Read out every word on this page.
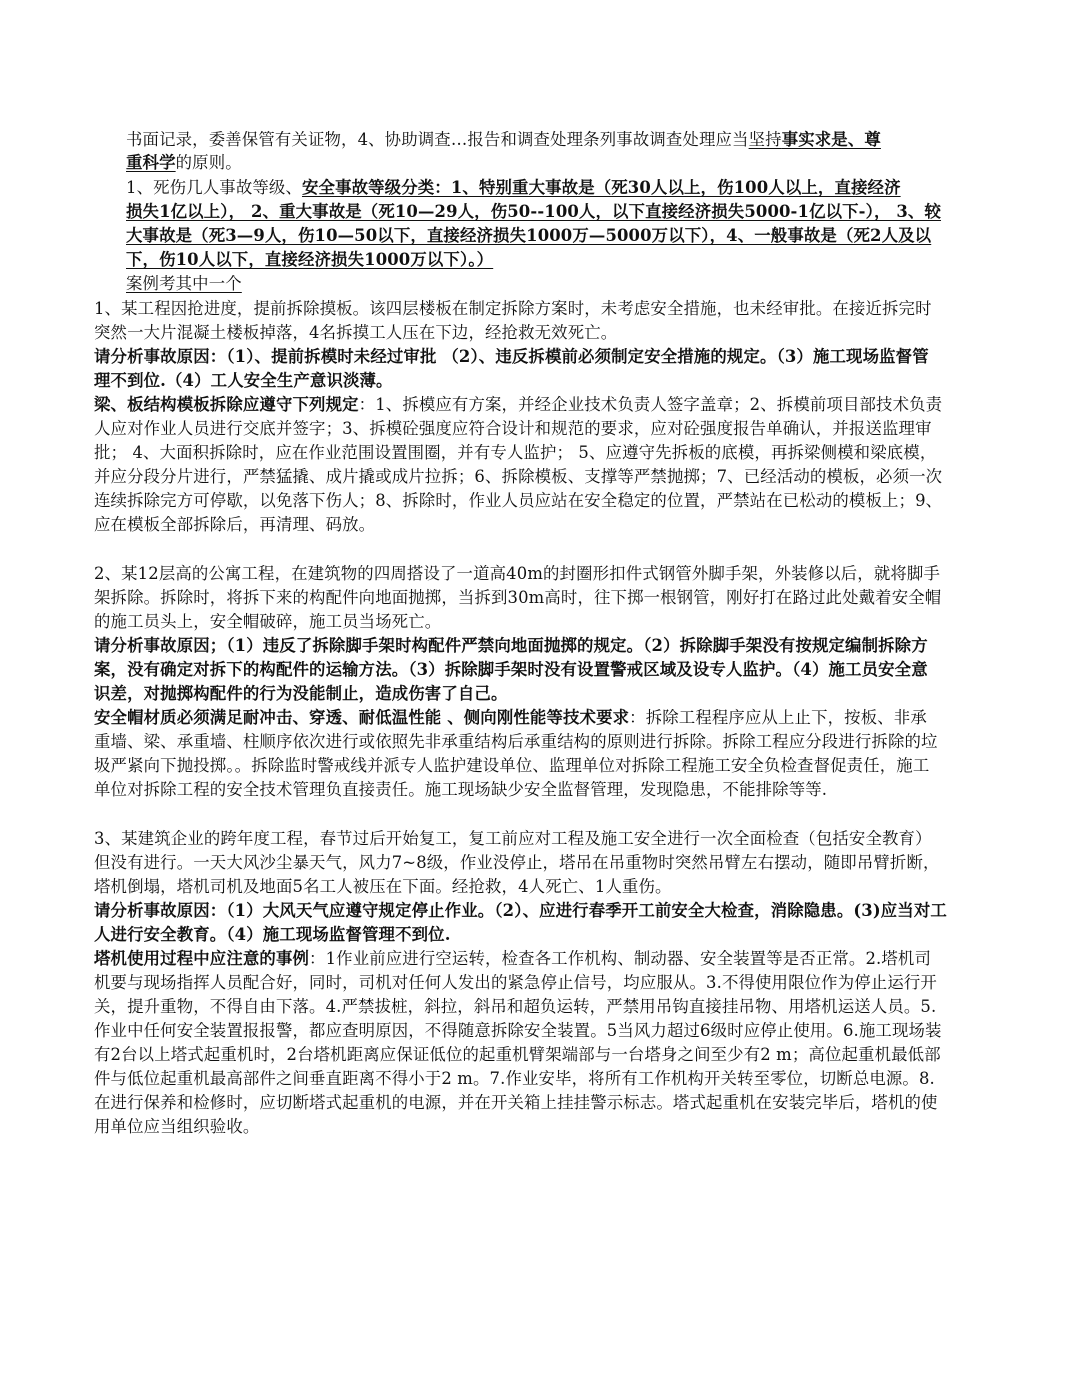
书面记录，委善保管有关证物，4、协助调查…报告和调查处理条列事故调查处理应当坚持事实求是、尊
重科学的原则。
1、死伤几人事故等级、安全事故等级分类：1、特别重大事故是（死30人以上，伤100人以上，直接经济
损失1亿以上）， 2、重大事故是（死10—29人，伤50--100人，以下直接经济损失5000-1亿以下-）， 3、较
大事故是（死3—9人，伤10—50以下，直接经济损失1000万—5000万以下），4、一般事故是（死2人及以
下，伤10人以下，直接经济损失1000万以下）。）
案例考其中一个
1、某工程因抢进度，提前拆除摸板。该四层楼板在制定拆除方案时，未考虑安全措施，也未经审批。在接近拆完时
突然一大片混凝土楼板掉落，4名拆摸工人压在下边，经抢救无效死亡。
请分析事故原因：（1）、提前拆模时未经过审批 （2）、违反拆模前必须制定安全措施的规定。（3）施工现场监督管
理不到位.（4）工人安全生产意识淡薄。
梁、板结构模板拆除应遵守下列规定：1、拆模应有方案，并经企业技术负责人签字盖章；2、拆模前项目部技术负责
人应对作业人员进行交底并签字；3、拆模砼强度应符合设计和规范的要求，应对砼强度报告单确认，并报送监理审
批； 4、大面积拆除时，应在作业范围设置围圈，并有专人监护； 5、应遵守先拆板的底模，再拆梁侧模和梁底模，
并应分段分片进行，严禁猛撬、成片撬或成片拉拆；6、拆除模板、支撑等严禁抛掷；7、已经活动的模板，必须一次
连续拆除完方可停歇，以免落下伤人；8、拆除时，作业人员应站在安全稳定的位置，严禁站在已松动的模板上；9、
应在模板全部拆除后，再清理、码放。
2、某12层高的公寓工程，在建筑物的四周搭设了一道高40m的封圈形扣件式钢管外脚手架，外装修以后，就将脚手
架拆除。拆除时，将拆下来的构配件向地面抛掷，当拆到30m高时，往下掷一根钢管，刚好打在路过此处戴着安全帽
的施工员头上，安全帽破碎，施工员当场死亡。
请分析事故原因；（1）违反了拆除脚手架时构配件严禁向地面抛掷的规定。（2）拆除脚手架没有按规定编制拆除方
案，没有确定对拆下的构配件的运输方法。（3）拆除脚手架时没有设置警戒区域及设专人监护。（4）施工员安全意
识差，对抛掷构配件的行为没能制止，造成伤害了自己。
安全帽材质必须满足耐冲击、穿透、耐低温性能 、侧向刚性能等技术要求：拆除工程程序应从上止下，按板、非承
重墙、梁、承重墙、柱顺序依次进行或依照先非承重结构后承重结构的原则进行拆除。拆除工程应分段进行拆除的垃
圾严紧向下抛投掷。。拆除监时警戒线并派专人监护建设单位、监理单位对拆除工程施工安全负检查督促责任，施工
单位对拆除工程的安全技术管理负直接责任。施工现场缺少安全监督管理，发现隐患，不能排除等等.
3、某建筑企业的跨年度工程，春节过后开始复工，复工前应对工程及施工安全进行一次全面检查（包括安全教育）
但没有进行。一天大风沙尘暴天气，风力7~8级，作业没停止，塔吊在吊重物时突然吊臂左右摆动，随即吊臂折断，
塔机倒塌，塔机司机及地面5名工人被压在下面。经抢救，4人死亡、1人重伤。
请分析事故原因：（1）大风天气应遵守规定停止作业。（2）、应进行春季开工前安全大检查，消除隐患。(3)应当对工
人进行安全教育。（4）施工现场监督管理不到位.
塔机使用过程中应注意的事例：1作业前应进行空运转，检查各工作机构、制动器、安全装置等是否正常。2.塔机司
机要与现场指挥人员配合好，同时，司机对任何人发出的紧急停止信号，均应服从。3.不得使用限位作为停止运行开
关，提升重物，不得自由下落。4.严禁拔桩，斜拉，斜吊和超负运转，严禁用吊钩直接挂吊物、用塔机运送人员。5.
作业中任何安全装置报报警，都应查明原因，不得随意拆除安全装置。5当风力超过6级时应停止使用。6.施工现场装
有2台以上塔式起重机时，2台塔机距离应保证低位的起重机臂架端部与一台塔身之间至少有2 m；高位起重机最低部
件与低位起重机最高部件之间垂直距离不得小于2 m。7.作业安毕，将所有工作机构开关转至零位，切断总电源。8.
在进行保养和检修时，应切断塔式起重机的电源，并在开关箱上挂挂警示标志。塔式起重机在安装完毕后，塔机的使
用单位应当组织验收。
